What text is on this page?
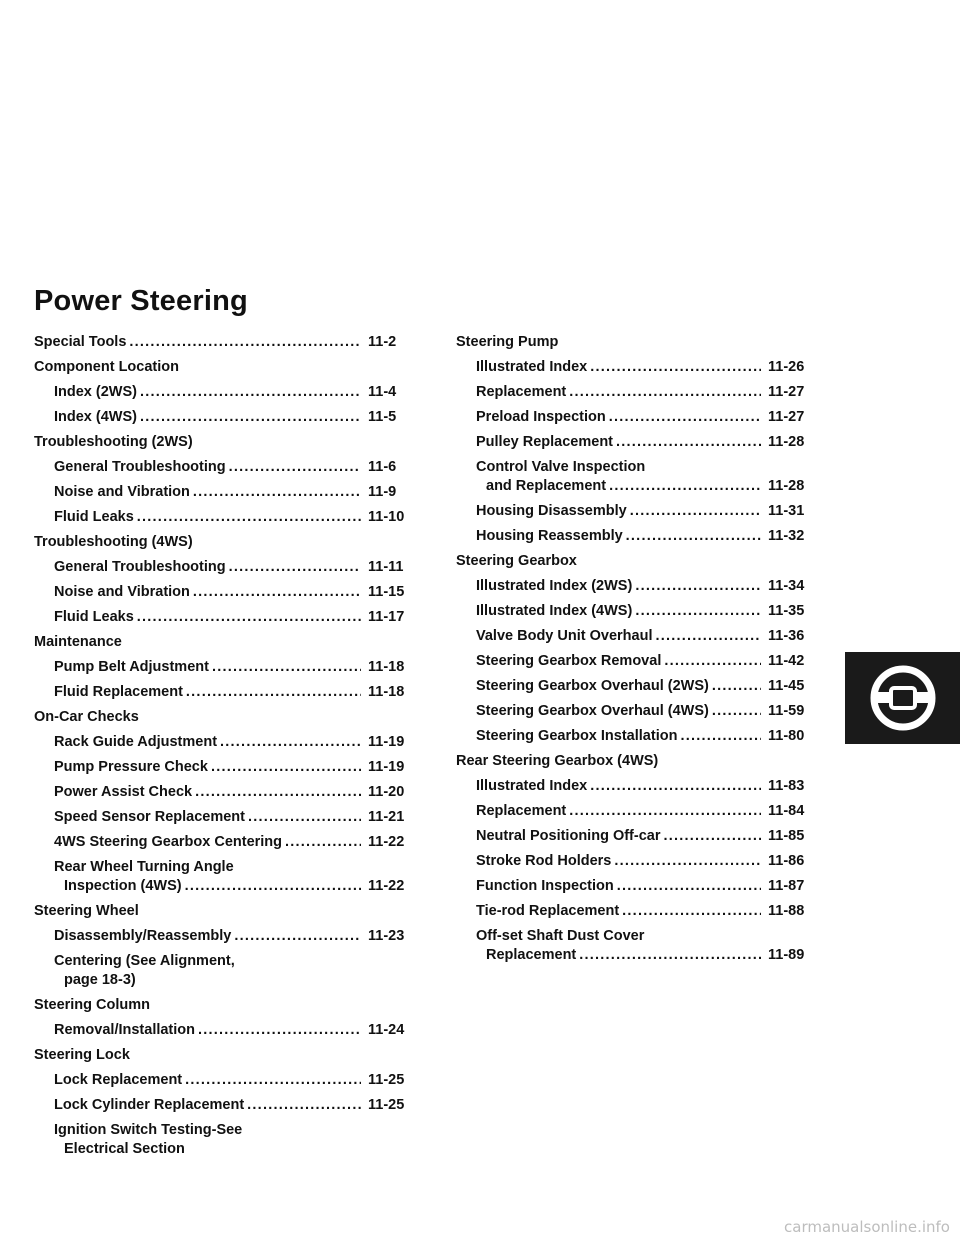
Power Steering
Special Tools . . .	11-2
Component Location
Index (2WS) . . .	11-4
Index (4WS) . . .	11-5
Troubleshooting (2WS)
General Troubleshooting . . .	11-6
Noise and Vibration . . .	11-9
Fluid Leaks . . .	11-10
Troubleshooting (4WS)
General Troubleshooting . . .	11-11
Noise and Vibration . . .	11-15
Fluid Leaks . . .	11-17
Maintenance
Pump Belt Adjustment . . .	11-18
Fluid Replacement . . .	11-18
On-Car Checks
Rack Guide Adjustment . . .	11-19
Pump Pressure Check . . .	11-19
Power Assist Check . . .	11-20
Speed Sensor Replacement . . .	11-21
4WS Steering Gearbox Centering . . .	11-22
Rear Wheel Turning Angle
Inspection (4WS) . . .	11-22
Steering Wheel
Disassembly/Reassembly . . .	11-23
Centering (See Alignment,
page 18-3)
Steering Column
Removal/Installation . . .	11-24
Steering Lock
Lock Replacement . . .	11-25
Lock Cylinder Replacement . . .	11-25
Ignition Switch Testing-See
Electrical Section
Steering Pump
Illustrated Index . . .	11-26
Replacement . . .	11-27
Preload Inspection . . .	11-27
Pulley Replacement . . .	11-28
Control Valve Inspection
and Replacement . . .	11-28
Housing Disassembly . . .	11-31
Housing Reassembly . . .	11-32
Steering Gearbox
Illustrated Index (2WS) . . .	11-34
Illustrated Index (4WS) . . .	11-35
Valve Body Unit Overhaul . . .	11-36
Steering Gearbox Removal . . .	11-42
Steering Gearbox Overhaul (2WS) . . .	11-45
Steering Gearbox Overhaul (4WS) . . .	11-59
Steering Gearbox Installation . . .	11-80
Rear Steering Gearbox (4WS)
Illustrated Index . . .	11-83
Replacement . . .	11-84
Neutral Positioning Off-car . . .	11-85
Stroke Rod Holders . . .	11-86
Function Inspection . . .	11-87
Tie-rod Replacement . . .	11-88
Off-set Shaft Dust Cover
Replacement . . .	11-89
carmanualsonline.info
